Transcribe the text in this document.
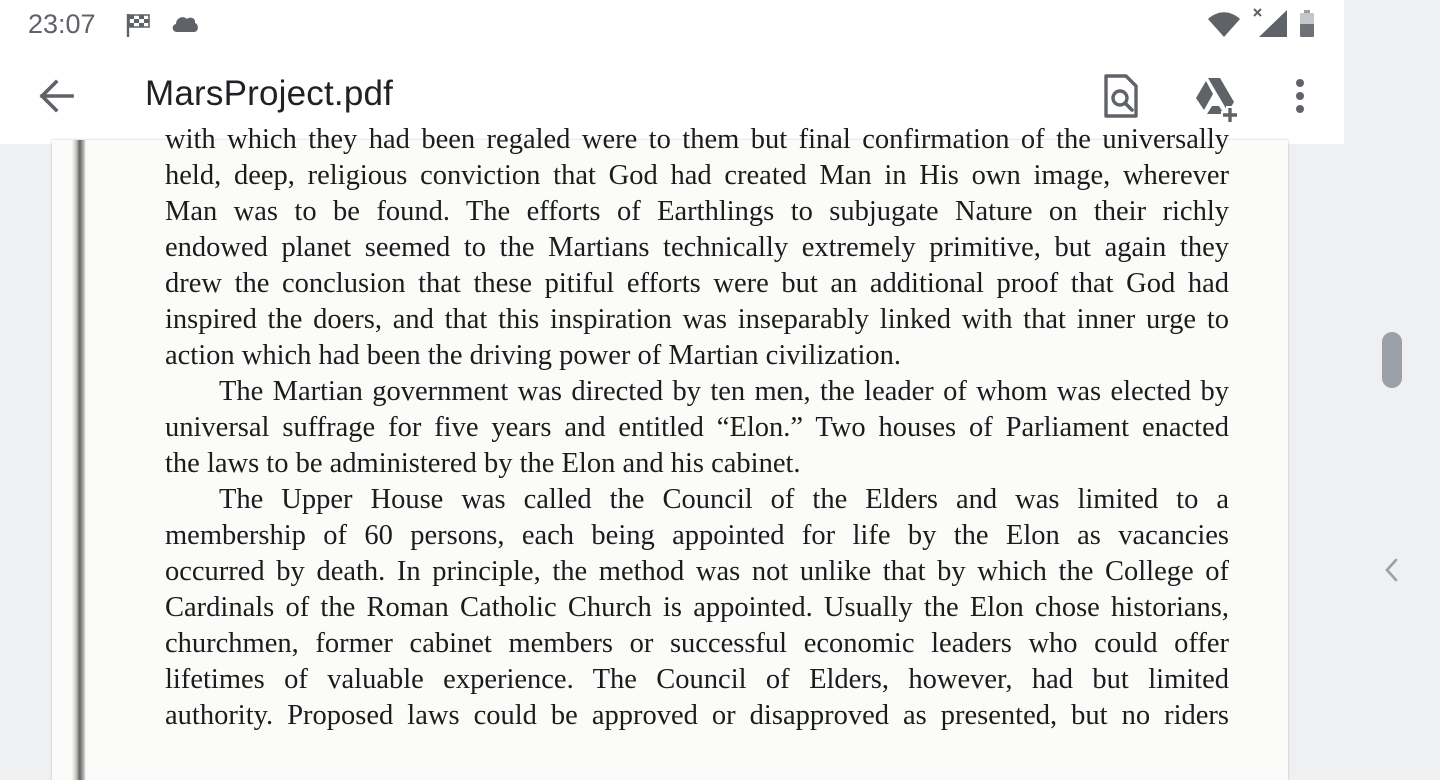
23:07
MarsProject.pdf
with which they had been regaled were to them but final confirmation of the universally
held, deep, religious conviction that God had created Man in His own image, wherever
Man was to be found. The efforts of Earthlings to subjugate Nature on their richly
endowed planet seemed to the Martians technically extremely primitive, but again they
drew the conclusion that these pitiful efforts were but an additional proof that God had
inspired the doers, and that this inspiration was inseparably linked with that inner urge to
action which had been the driving power of Martian civilization.
The Martian government was directed by ten men, the leader of whom was elected by
universal suffrage for five years and entitled “Elon.” Two houses of Parliament enacted
the laws to be administered by the Elon and his cabinet.
The Upper House was called the Council of the Elders and was limited to a
membership of 60 persons, each being appointed for life by the Elon as vacancies
occurred by death. In principle, the method was not unlike that by which the College of
Cardinals of the Roman Catholic Church is appointed. Usually the Elon chose historians,
churchmen, former cabinet members or successful economic leaders who could offer
lifetimes of valuable experience. The Council of Elders, however, had but limited
authority. Proposed laws could be approved or disapproved as presented, but no riders
